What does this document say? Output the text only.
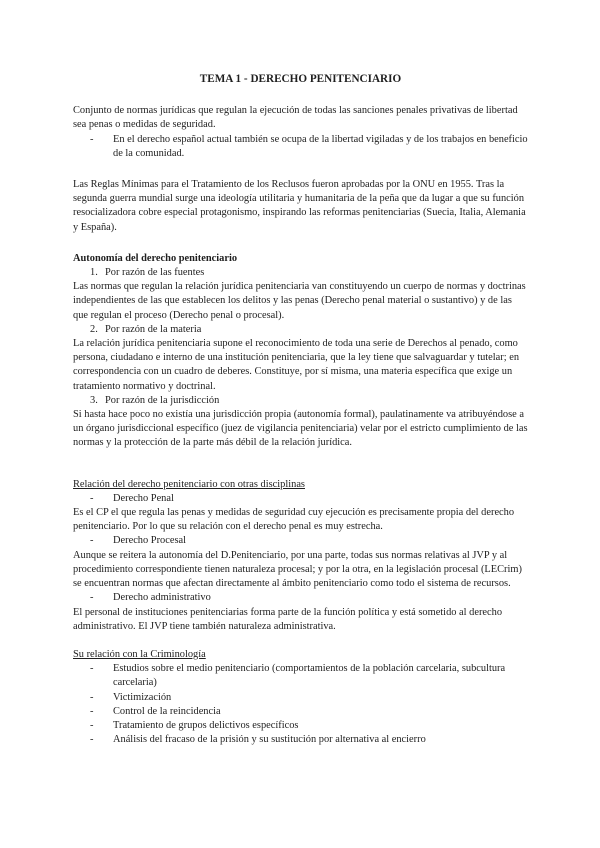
TEMA 1 - DERECHO PENITENCIARIO

Conjunto de normas jurídicas que regulan la ejecución de todas las sanciones penales privativas de libertad sea penas o medidas de seguridad.

- En el derecho español actual también se ocupa de la libertad vigiladas y de los trabajos en beneficio de la comunidad.

Las Reglas Mínimas para el Tratamiento de los Reclusos fueron aprobadas por la ONU en 1955. Tras la segunda guerra mundial surge una ideología utilitaria y humanitaria de la peña que da lugar a que su función resocializadora cobre especial protagonismo, inspirando las reformas penitenciarias (Suecia, Italia, Alemania y España).

Autonomía del derecho penitenciario

1. Por razón de las fuentes

Las normas que regulan la relación jurídica penitenciaria van constituyendo un cuerpo de normas y doctrinas independientes de las que establecen los delitos y las penas (Derecho penal material o sustantivo) y de las que regulan el proceso (Derecho penal o procesal).

2. Por razón de la materia

La relación jurídica penitenciaria supone el reconocimiento de toda una serie de Derechos al penado, como persona, ciudadano e interno de una institución penitenciaria, que la ley tiene que salvaguardar y tutelar; en correspondencia con un cuadro de deberes. Constituye, por sí misma, una materia específica que exige un tratamiento normativo y doctrinal.

3. Por razón de la jurisdicción

Si hasta hace poco no existía una jurisdicción propia (autonomía formal), paulatinamente va atribuyéndose a un órgano jurisdiccional específico (juez de vigilancia penitenciaria) velar por el estricto cumplimiento de las normas y la protección de la parte más débil de la relación jurídica.

Relación del derecho penitenciario con otras disciplinas

- Derecho Penal

Es el CP el que regula las penas y medidas de seguridad cuy ejecución es precisamente propia del derecho penitenciario. Por lo que su relación con el derecho penal es muy estrecha.

- Derecho Procesal

Aunque se reitera la autonomía del D.Penitenciario, por una parte, todas sus normas relativas al JVP y al procedimiento correspondiente tienen naturaleza procesal; y por la otra, en la legislación procesal (LECrim) se encuentran normas que afectan directamente al ámbito penitenciario como todo el sistema de recursos.

- Derecho administrativo

El personal de instituciones penitenciarias forma parte de la función política y está sometido al derecho administrativo. El JVP tiene también naturaleza administrativa.

Su relación con la Criminología

- Estudios sobre el medio penitenciario (comportamientos de la población carcelaria, subcultura carcelaria)
- Victimización
- Control de la reincidencia
- Tratamiento de grupos delictivos específicos
- Análisis del fracaso de la prisión y su sustitución por alternativa al encierro
